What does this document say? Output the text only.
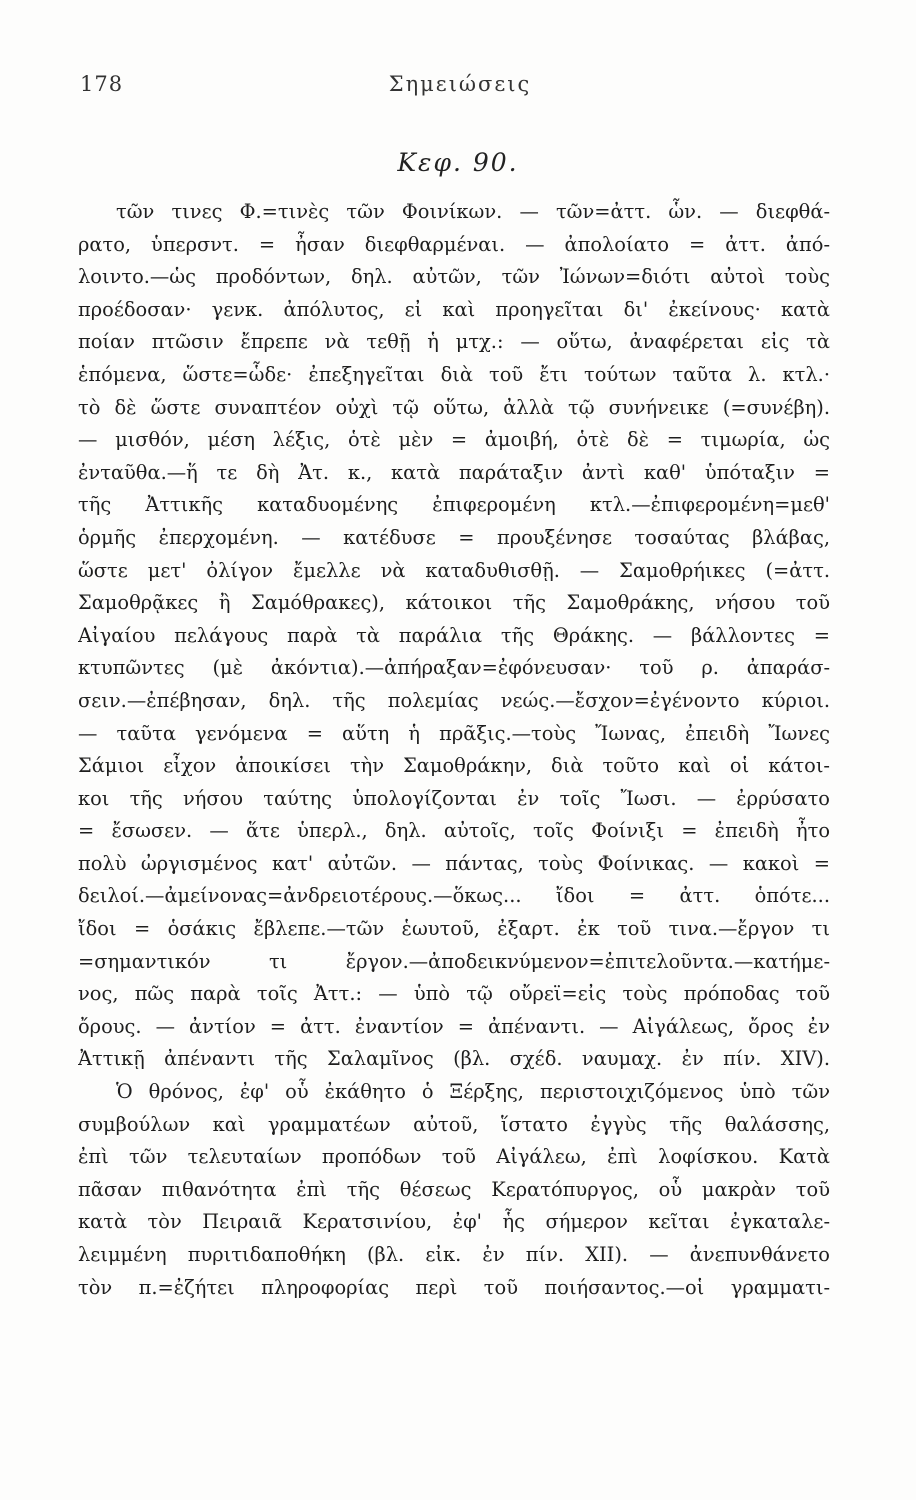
178	Σημειώσεις
Κεφ. 90.
τῶν τινες Φ.=τινὲς τῶν Φοινίκων. — τῶν=ἀττ. ὧν. — διεφθά-
ρατο, ὑπερσντ. = ἦσαν διεφθαρμέναι. — ἀπολοίατο = ἀττ. ἀπό-
λοιντο.—ὡς προδόντων, δηλ. αὐτῶν, τῶν Ἰώνων=διότι αὐτοὶ τοὺς
προέδοσαν· γενκ. ἀπόλυτος, εἰ καὶ προηγεῖται δι' ἐκείνους· κατὰ
ποίαν πτῶσιν ἔπρεπε νὰ τεθῇ ἡ μτχ.: — οὕτω, ἀναφέρεται εἰς τὰ
ἑπόμενα, ὥστε=ὧδε· ἐπεξηγεῖται διὰ τοῦ ἔτι τούτων ταῦτα λ. κτλ.·
τὸ δὲ ὥστε συναπτέον οὐχὶ τῷ οὕτω, ἀλλὰ τῷ συνήνεικε (=συνέβη).
— μισθόν, μέση λέξις, ὁτὲ μὲν = ἀμοιβή, ὁτὲ δὲ = τιμωρία, ὡς
ἐνταῦθα.—ἥ τε δὴ Ἀτ. κ., κατὰ παράταξιν ἀντὶ καθ' ὑπόταξιν =
τῆς Ἀττικῆς καταδυομένης ἐπιφερομένη κτλ.—ἐπιφερομένη=μεθ'
ὁρμῆς ἐπερχομένη. — κατέδυσε = προυξένησε τοσαύτας βλάβας,
ὥστε μετ' ὀλίγον ἔμελλε νὰ καταδυθισθῇ. — Σαμοθρήικες (=ἀττ.
Σαμοθρᾷκες ἢ Σαμόθρακες), κάτοικοι τῆς Σαμοθράκης, νήσου τοῦ
Αἰγαίου πελάγους παρὰ τὰ παράλια τῆς Θράκης. — βάλλοντες =
κτυπῶντες (μὲ ἀκόντια).—ἀπήραξαν=ἐφόνευσαν· τοῦ ρ. ἀπαράσ-
σειν.—ἐπέβησαν, δηλ. τῆς πολεμίας νεώς.—ἔσχον=ἐγένοντο κύριοι.
— ταῦτα γενόμενα = αὕτη ἡ πρᾶξις.—τοὺς Ἴωνας, ἐπειδὴ Ἴωνες
Σάμιοι εἶχον ἀποικίσει τὴν Σαμοθράκην, διὰ τοῦτο καὶ οἱ κάτοι-
κοι τῆς νήσου ταύτης ὑπολογίζονται ἐν τοῖς Ἴωσι. — ἐρρύσατο
= ἔσωσεν. — ἅτε ὑπερλ., δηλ. αὐτοῖς, τοῖς Φοίνιξι = ἐπειδὴ ἦτο
πολὺ ὠργισμένος κατ' αὐτῶν. — πάντας, τοὺς Φοίνικας. — κακοὶ =
δειλοί.—ἀμείνονας=ἀνδρειοτέρους.—ὅκως... ἴδοι = ἀττ. ὁπότε...
ἴδοι = ὁσάκις ἔβλεπε.—τῶν ἑωυτοῦ, ἐξαρτ. ἐκ τοῦ τινα.—ἔργον τι
=σημαντικόν τι ἔργον.—ἀποδεικνύμενον=ἐπιτελοῦντα.—κατήμε-
νος, πῶς παρὰ τοῖς Ἀττ.: — ὑπὸ τῷ οὔρεϊ=εἰς τοὺς πρόποδας τοῦ
ὄρους. — ἀντίον = ἀττ. ἐναντίον = ἀπέναντι. — Αἰγάλεως, ὄρος ἐν
Ἀττικῇ ἀπέναντι τῆς Σαλαμῖνος (βλ. σχέδ. ναυμαχ. ἐν πίν. XIV).
Ὁ θρόνος, ἐφ' οὗ ἐκάθητο ὁ Ξέρξης, περιστοιχιζόμενος ὑπὸ τῶν
συμβούλων καὶ γραμματέων αὐτοῦ, ἵστατο ἐγγὺς τῆς θαλάσσης,
ἐπὶ τῶν τελευταίων προπόδων τοῦ Αἰγάλεω, ἐπὶ λοφίσκου. Κατὰ
πᾶσαν πιθανότητα ἐπὶ τῆς θέσεως Κερατόπυργος, οὗ μακρὰν τοῦ
κατὰ τὸν Πειραιᾶ Κερατσινίου, ἐφ' ἧς σήμερον κεῖται ἐγκαταλε-
λειμμένη πυριτιδαποθήκη (βλ. εἰκ. ἐν πίν. XII). — ἀνεπυνθάνετο
τὸν π.=ἐζήτει πληροφορίας περὶ τοῦ ποιήσαντος.—οἱ γραμματι-
